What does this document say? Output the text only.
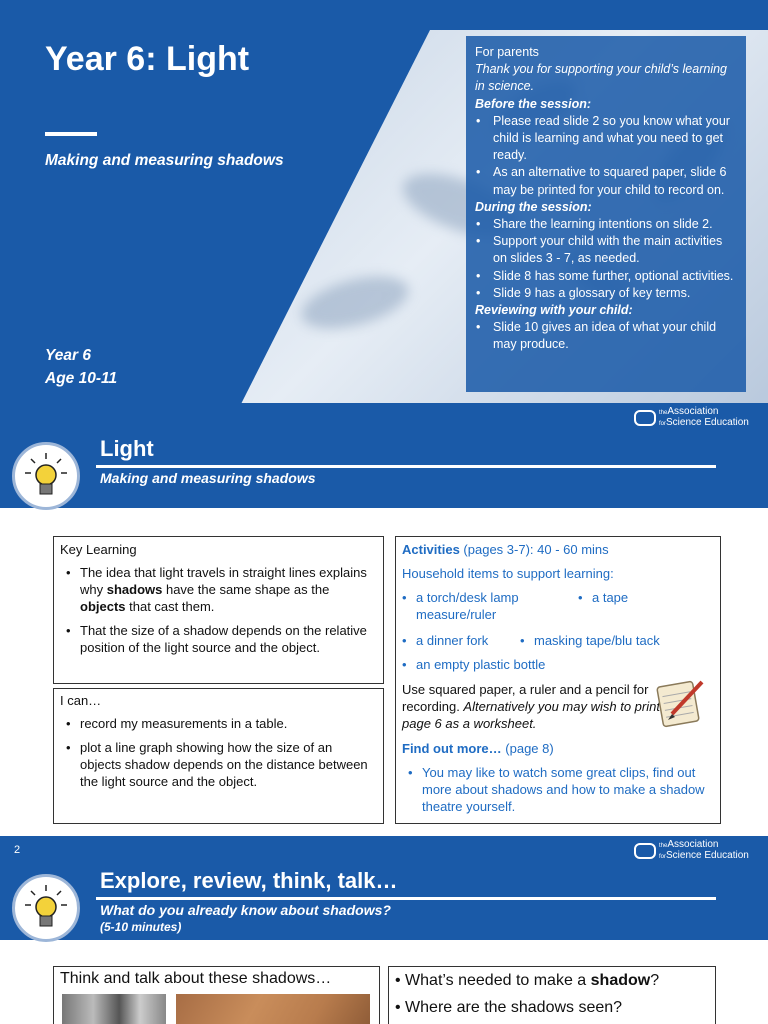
Year 6: Light
Making and measuring shadows
Year 6
Age 10-11
For parents
Thank you for supporting your child’s learning in science.
Before the session:
• Please read slide 2 so you know what your child is learning and what you need to get ready.
• As an alternative to squared paper, slide 6 may be printed for your child to record on.
During the session:
• Share the learning intentions on slide 2.
• Support your child with the main activities on slides 3 - 7, as needed.
• Slide 8 has some further, optional activities.
• Slide 9 has a glossary of key terms.
Reviewing with your child:
• Slide 10 gives an idea of what your child may produce.
theAssociation
forScience Education
Light
Making and measuring shadows
Key Learning
• The idea that light travels in straight lines explains why shadows have the same shape as the objects that cast them.
• That the size of a shadow depends on the relative position of the light source and the object.
I can…
• record my measurements in a table.
• plot a line graph showing how the size of an objects shadow depends on the distance between the light source and the object.
Activities (pages 3-7): 40 - 60 mins
Household items to support learning:
• a torch/desk lamp	• a tape
measure/ruler
• a dinner fork • masking tape/blu tack
• an empty plastic bottle
Use squared paper, a ruler and a pencil for recording. Alternatively you may wish to print page 6 as a worksheet.
Find out more… (page 8)
• You may like to watch some great clips, find out more about shadows and how to make a shadow theatre yourself.
2	theAssociation
forScience Education
Explore, review, think, talk…
What do you already know about shadows?
(5-10 minutes)
Think and talk about these shadows…	• What’s needed to make a shadow?
• Where are the shadows seen?
